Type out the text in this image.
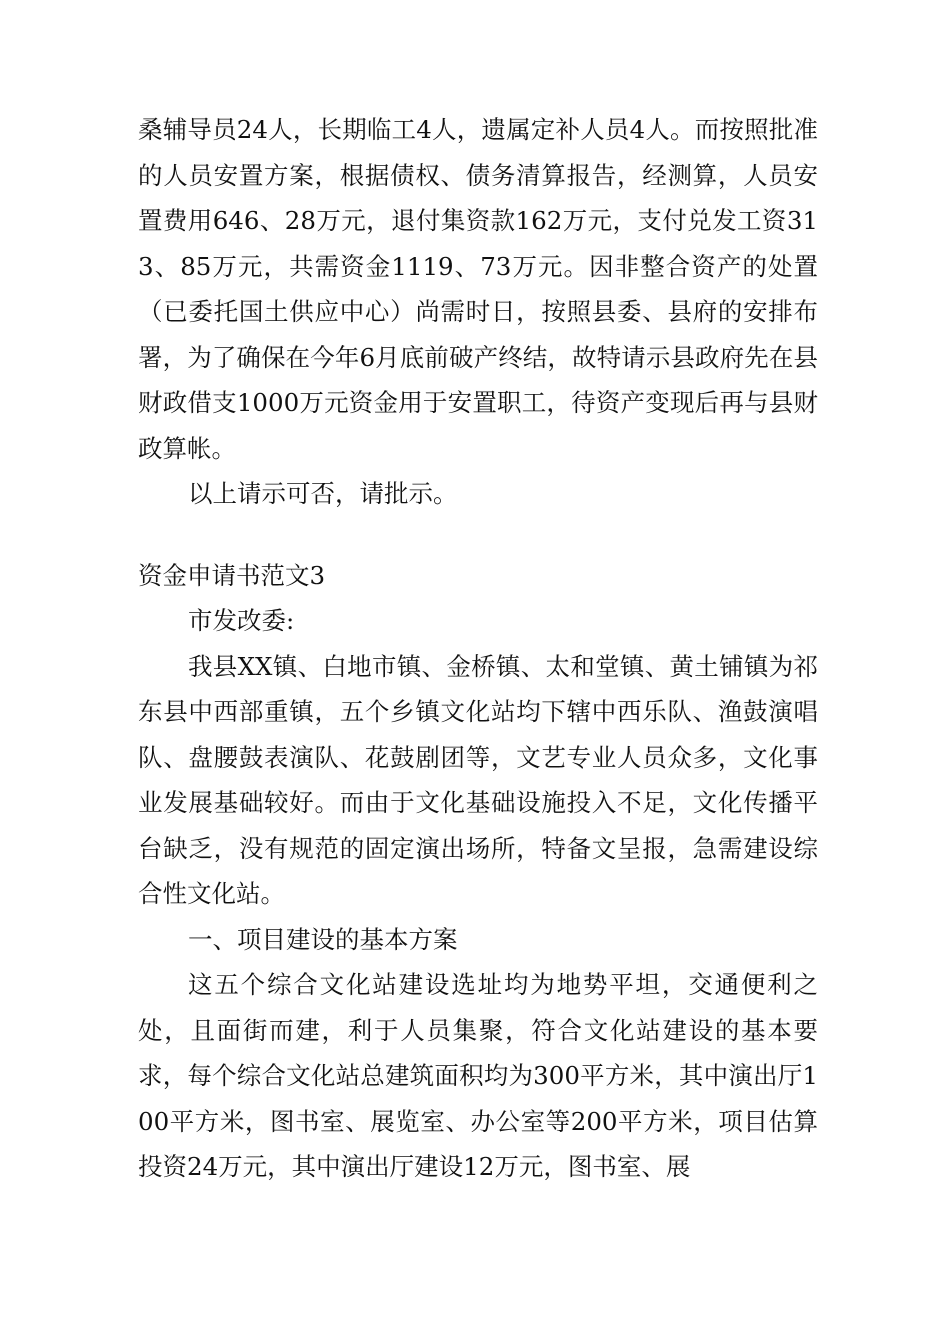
桑辅导员24人，长期临工4人，遗属定补人员4人。而按照批准的人员安置方案，根据债权、债务清算报告，经测算，人员安置费用646、28万元，退付集资款162万元，支付兑发工资313、85万元，共需资金1119、73万元。因非整合资产的处置（已委托国土供应中心）尚需时日，按照县委、县府的安排布署，为了确保在今年6月底前破产终结，故特请示县政府先在县财政借支1000万元资金用于安置职工，待资产变现后再与县财政算帐。

以上请示可否，请批示。

资金申请书范文3

市发改委:

我县XX镇、白地市镇、金桥镇、太和堂镇、黄土铺镇为祁东县中西部重镇，五个乡镇文化站均下辖中西乐队、渔鼓演唱队、盘腰鼓表演队、花鼓剧团等，文艺专业人员众多，文化事业发展基础较好。而由于文化基础设施投入不足，文化传播平台缺乏，没有规范的固定演出场所，特备文呈报，急需建设综合性文化站。

一、项目建设的基本方案

这五个综合文化站建设选址均为地势平坦，交通便利之处，且面街而建，利于人员集聚，符合文化站建设的基本要求，每个综合文化站总建筑面积均为300平方米，其中演出厅100平方米，图书室、展览室、办公室等200平方米，项目估算投资24万元，其中演出厅建设12万元，图书室、展
